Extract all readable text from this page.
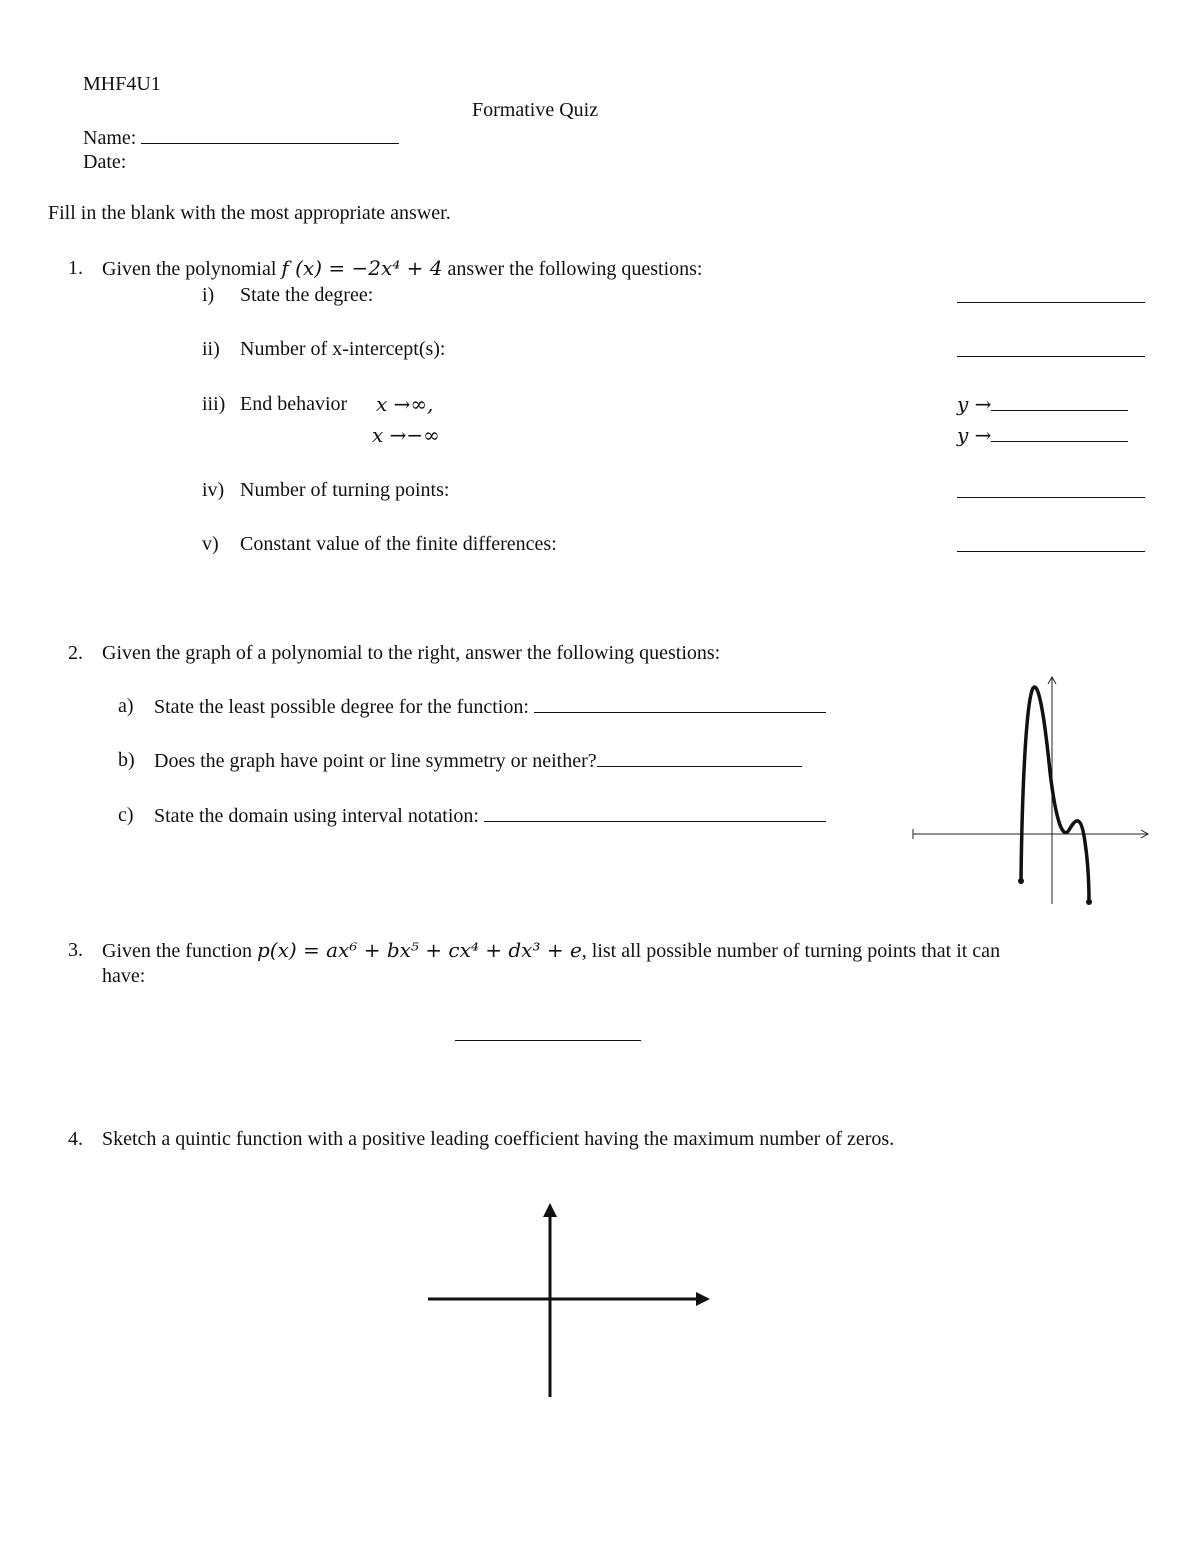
MHF4U1
Formative Quiz
Name:
Date:
Fill in the blank with the most appropriate answer.
1. Given the polynomial f (x) = −2x⁴ + 4 answer the following questions:
i) State the degree:
ii) Number of x-intercept(s):
iii) End behavior x →∞,
x →−∞
y →
y →
iv) Number of turning points:
v) Constant value of the finite differences:
2. Given the graph of a polynomial to the right, answer the following questions:
a) State the least possible degree for the function:
b) Does the graph have point or line symmetry or neither?
c) State the domain using interval notation:
3. Given the function p(x) = ax⁶ + bx⁵ + cx⁴ + dx³ + e, list all possible number of turning points that it can
have:
4. Sketch a quintic function with a positive leading coefficient having the maximum number of zeros.
